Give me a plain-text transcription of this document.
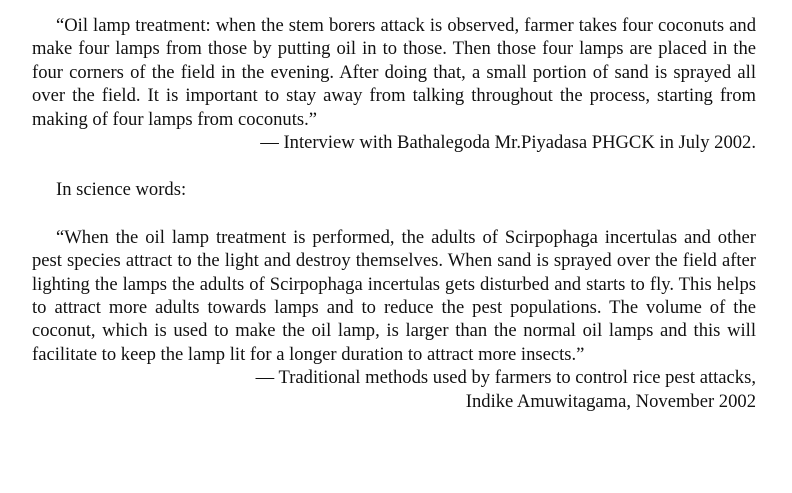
“Oil lamp treatment: when the stem borers attack is observed, farmer takes four coconuts and make four lamps from those by putting oil in to those. Then those four lamps are placed in the four corners of the field in the evening. After doing that, a small portion of sand is sprayed all over the field. It is important to stay away from talking throughout the process, starting from making of four lamps from coconuts.”

— Interview with Bathalegoda Mr.Piyadasa PHGCK in July 2002.

In science words:

“When the oil lamp treatment is performed, the adults of Scirpophaga incertulas and other pest species attract to the light and destroy themselves. When sand is sprayed over the field after lighting the lamps the adults of Scirpophaga incertulas gets disturbed and starts to fly. This helps to attract more adults towards lamps and to reduce the pest populations. The volume of the coconut, which is used to make the oil lamp, is larger than the normal oil lamps and this will facilitate to keep the lamp lit for a longer duration to attract more insects.”

— Traditional methods used by farmers to control rice pest attacks,

Indike Amuwitagama, November 2002
